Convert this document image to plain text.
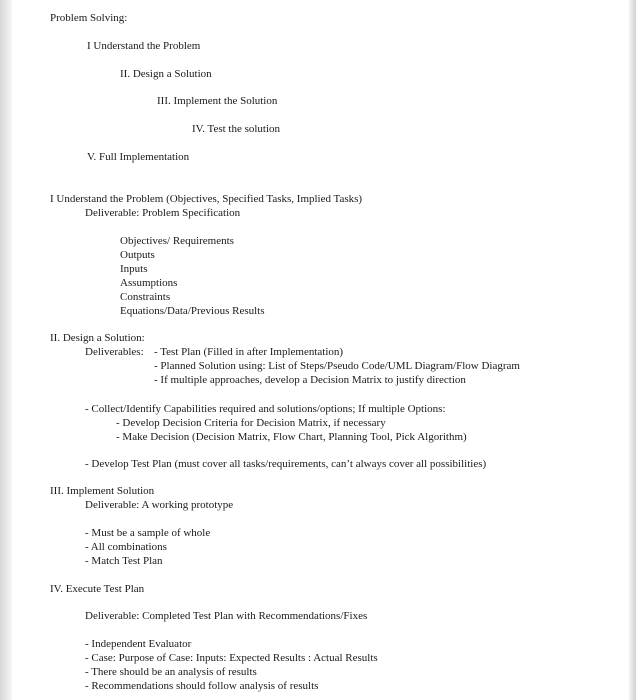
Problem Solving:
I Understand the Problem
II. Design a Solution
III. Implement the Solution
IV. Test the solution
V. Full Implementation
I Understand the Problem (Objectives, Specified Tasks, Implied Tasks)
Deliverable: Problem Specification
Objectives/ Requirements
Outputs
Inputs
Assumptions
Constraints
Equations/Data/Previous Results
II. Design a Solution:
Deliverables: - Test Plan (Filled in after Implementation)
- Planned Solution using: List of Steps/Pseudo Code/UML Diagram/Flow Diagram
- If multiple approaches, develop a Decision Matrix to justify direction
- Collect/Identify Capabilities required and solutions/options; If multiple Options:
- Develop Decision Criteria for Decision Matrix, if necessary
- Make Decision (Decision Matrix, Flow Chart, Planning Tool, Pick Algorithm)
- Develop Test Plan (must cover all tasks/requirements, can’t always cover all possibilities)
III. Implement Solution
Deliverable: A working prototype
- Must be a sample of whole
- All combinations
- Match Test Plan
IV. Execute Test Plan
Deliverable: Completed Test Plan with Recommendations/Fixes
- Independent Evaluator
- Case: Purpose of Case: Inputs: Expected Results : Actual Results
- There should be an analysis of results
- Recommendations should follow analysis of results
